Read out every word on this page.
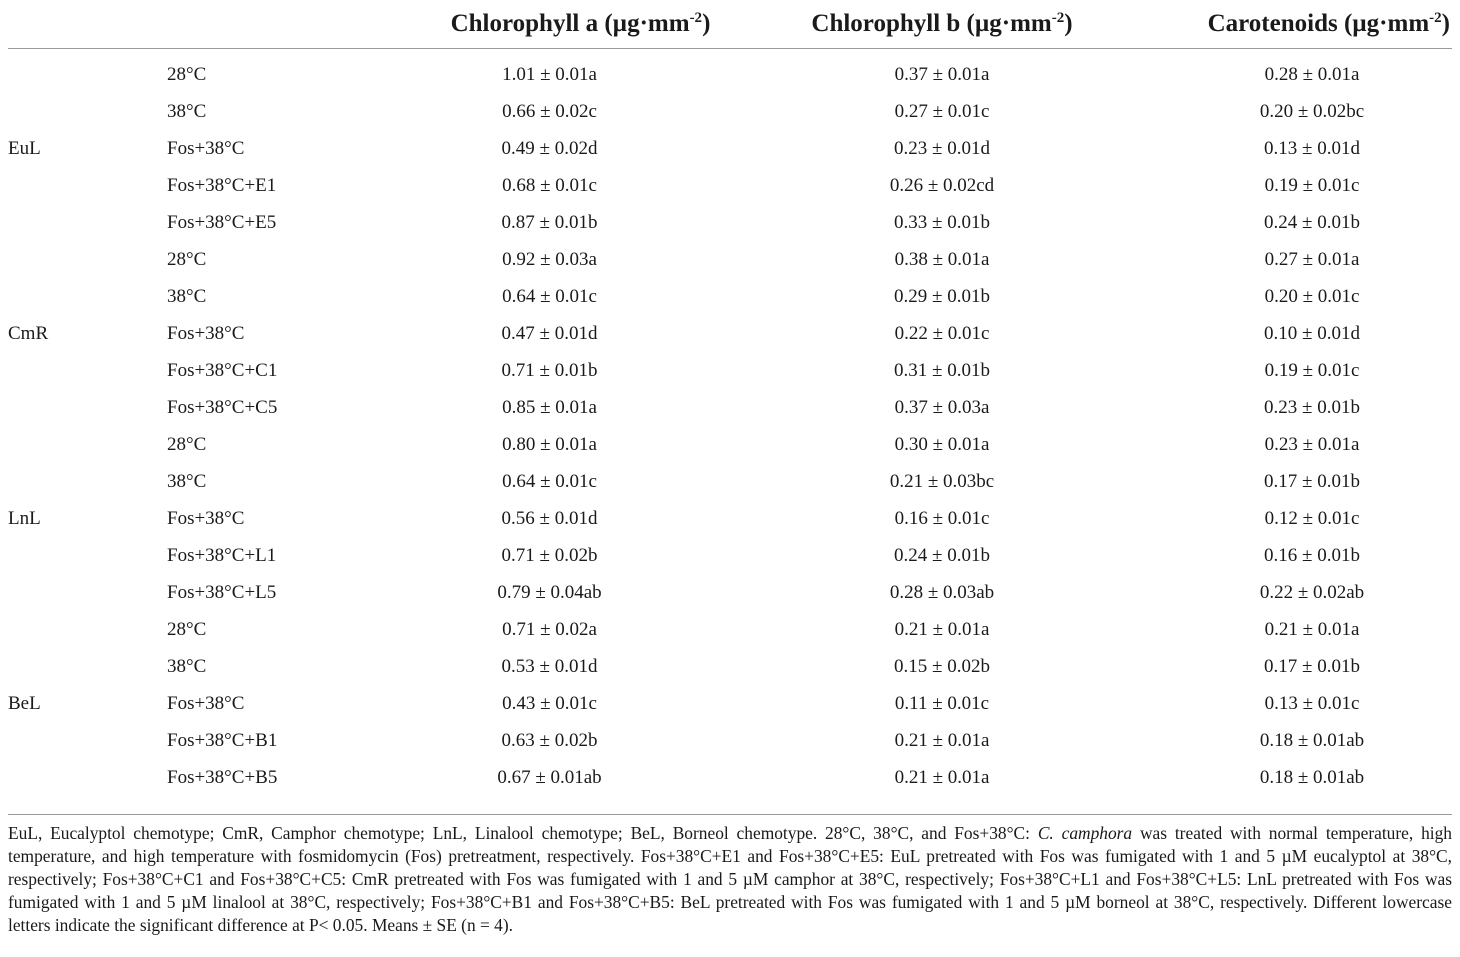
		Chlorophyll a $(\mu g\cdot mm^{-2})$	Chlorophyll b $(\mu g\cdot mm^{-2})$	Carotenoids $(\mu g\cdot mm^{-2})$
	28°C	1.01 ± 0.01a	0.37 ± 0.01a	0.28 ± 0.01a
	38°C	0.66 ± 0.02c	0.27 ± 0.01c	0.20 ± 0.02bc
EuL	Fos+38°C	0.49 ± 0.02d	0.23 ± 0.01d	0.13 ± 0.01d
	Fos+38°C+E1	0.68 ± 0.01c	0.26 ± 0.02cd	0.19 ± 0.01c
	Fos+38°C+E5	0.87 ± 0.01b	0.33 ± 0.01b	0.24 ± 0.01b
	28°C	0.92 ± 0.03a	0.38 ± 0.01a	0.27 ± 0.01a
	38°C	0.64 ± 0.01c	0.29 ± 0.01b	0.20 ± 0.01c
CmR	Fos+38°C	0.47 ± 0.01d	0.22 ± 0.01c	0.10 ± 0.01d
	Fos+38°C+C1	0.71 ± 0.01b	0.31 ± 0.01b	0.19 ± 0.01c
	Fos+38°C+C5	0.85 ± 0.01a	0.37 ± 0.03a	0.23 ± 0.01b
	28°C	0.80 ± 0.01a	0.30 ± 0.01a	0.23 ± 0.01a
	38°C	0.64 ± 0.01c	0.21 ± 0.03bc	0.17 ± 0.01b
LnL	Fos+38°C	0.56 ± 0.01d	0.16 ± 0.01c	0.12 ± 0.01c
	Fos+38°C+L1	0.71 ± 0.02b	0.24 ± 0.01b	0.16 ± 0.01b
	Fos+38°C+L5	0.79 ± 0.04ab	0.28 ± 0.03ab	0.22 ± 0.02ab
	28°C	0.71 ± 0.02a	0.21 ± 0.01a	0.21 ± 0.01a
	38°C	0.53 ± 0.01d	0.15 ± 0.02b	0.17 ± 0.01b
BeL	Fos+38°C	0.43 ± 0.01c	0.11 ± 0.01c	0.13 ± 0.01c
	Fos+38°C+B1	0.63 ± 0.02b	0.21 ± 0.01a	0.18 ± 0.01ab
	Fos+38°C+B5	0.67 ± 0.01ab	0.21 ± 0.01a	0.18 ± 0.01ab
EuL, Eucalyptol chemotype; CmR, Camphor chemotype; LnL, Linalool chemotype; BeL, Borneol chemotype. 28°C, 38°C, and Fos+38°C: C. camphora was treated with normal temperature, high temperature, and high temperature with fosmidomycin (Fos) pretreatment, respectively. Fos+38°C+E1 and Fos+38°C+E5: EuL pretreated with Fos was fumigated with 1 and 5 µM eucalyptol at 38°C, respectively; Fos+38°C+C1 and Fos+38°C+C5: CmR pretreated with Fos was fumigated with 1 and 5 µM camphor at 38°C, respectively; Fos+38°C+L1 and Fos+38°C+L5: LnL pretreated with Fos was fumigated with 1 and 5 µM linalool at 38°C, respectively; Fos+38°C+B1 and Fos+38°C+B5: BeL pretreated with Fos was fumigated with 1 and 5 µM borneol at 38°C, respectively. Different lowercase letters indicate the significant difference at P< 0.05. Means ± SE (n = 4).
